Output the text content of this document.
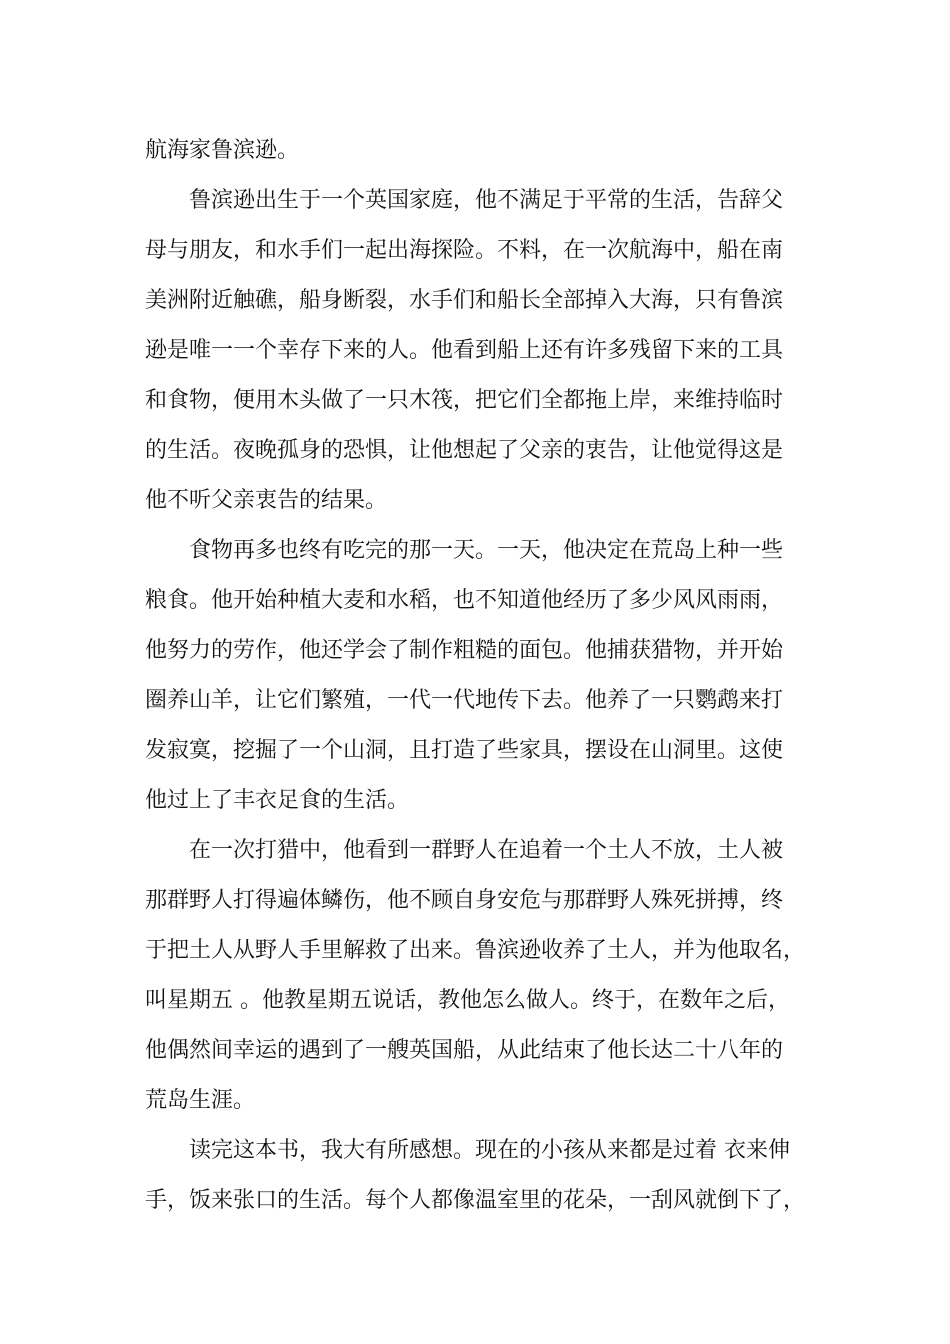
航海家鲁滨逊。
鲁滨逊出生于一个英国家庭，他不满足于平常的生活，告辞父
母与朋友，和水手们一起出海探险。不料，在一次航海中，船在南
美洲附近触礁，船身断裂，水手们和船长全部掉入大海，只有鲁滨
逊是唯一一个幸存下来的人。他看到船上还有许多残留下来的工具
和食物，便用木头做了一只木筏，把它们全都拖上岸，来维持临时
的生活。夜晚孤身的恐惧，让他想起了父亲的衷告，让他觉得这是
他不听父亲衷告的结果。
食物再多也终有吃完的那一天。一天，他决定在荒岛上种一些
粮食。他开始种植大麦和水稻，也不知道他经历了多少风风雨雨，
他努力的劳作，他还学会了制作粗糙的面包。他捕获猎物，并开始
圈养山羊，让它们繁殖，一代一代地传下去。他养了一只鹦鹉来打
发寂寞，挖掘了一个山洞，且打造了些家具，摆设在山洞里。这使
他过上了丰衣足食的生活。
在一次打猎中，他看到一群野人在追着一个土人不放，土人被
那群野人打得遍体鳞伤，他不顾自身安危与那群野人殊死拼搏，终
于把土人从野人手里解救了出来。鲁滨逊收养了土人，并为他取名，
叫星期五 。他教星期五说话，教他怎么做人。终于，在数年之后，
他偶然间幸运的遇到了一艘英国船，从此结束了他长达二十八年的
荒岛生涯。
读完这本书，我大有所感想。现在的小孩从来都是过着 衣来伸
手，饭来张口的生活。每个人都像温室里的花朵，一刮风就倒下了，
